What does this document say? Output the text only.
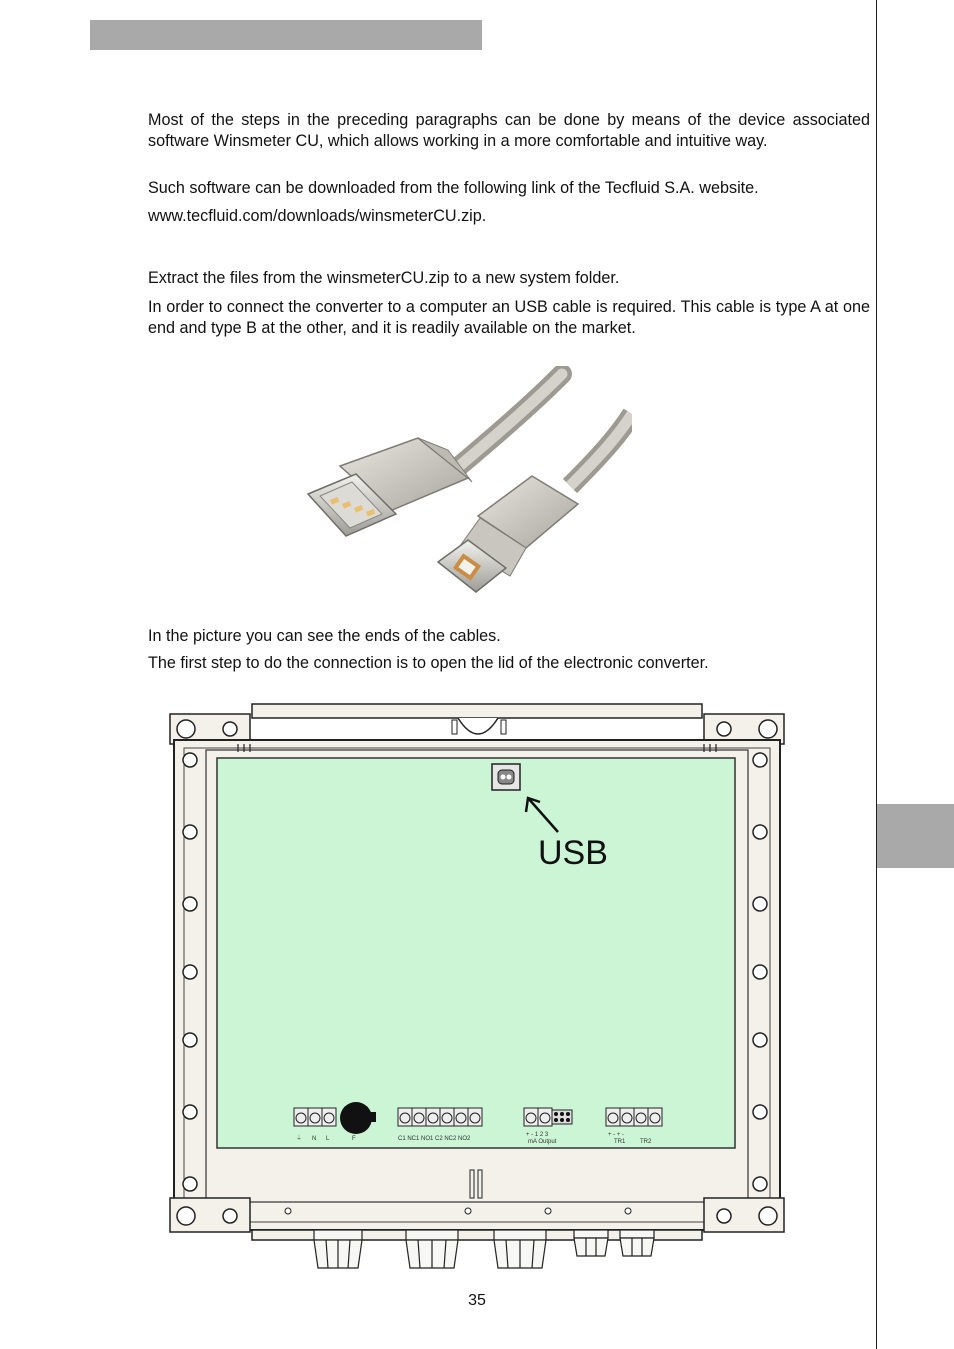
Most of the steps in the preceding paragraphs can be done by means of the device associated software Winsmeter CU, which allows working in a more comfortable and intuitive way.

Such software can be downloaded from the following link of the Tecfluid S.A. website.

www.tecfluid.com/downloads/winsmeterCU.zip.

Extract the files from the winsmeterCU.zip to a new system folder.

In order to connect the converter to a computer an USB cable is required. This cable is type A at one end and type B at the other, and it is readily available on the market.

In the picture you can see the ends of the cables.

The first step to do the connection is to open the lid of the electronic converter.

USB
⏚ N L	F	C1 NC1 NO1 C2 NC2 NO2
+ - 1 2 3
mA Output
+ - + -
TR1 TR2
35
